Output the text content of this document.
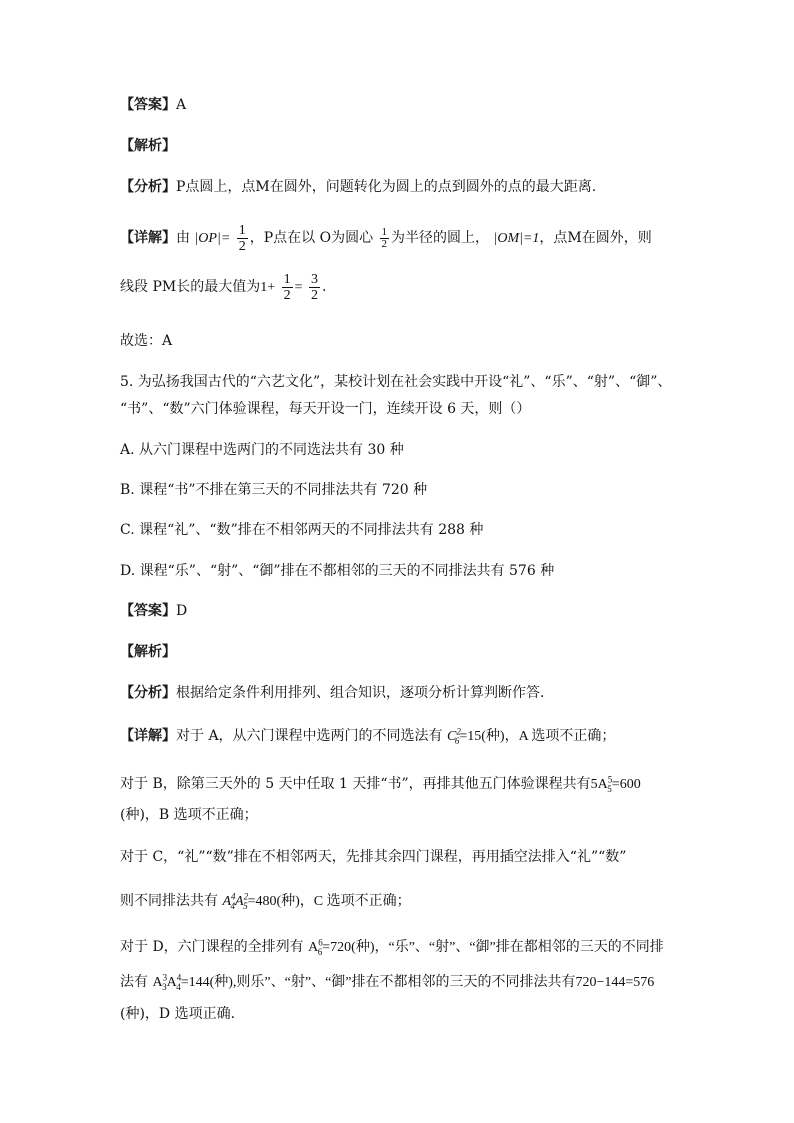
【答案】A
【解析】
【分析】P点圆上，点M在圆外，问题转化为圆上的点到圆外的点的最大距离.
【详解】由 $|OP|= \frac{1}{2}$ ，P点在以 O为圆心 $\frac{1}{2}$ 为半径的圆上， |OM|=1，点M在圆外，则
线段 PM长的最大值为$1+ \frac{1}{2} = \frac{3}{2}$ .
故选：A
5. 为弘扬我国古代的“六艺文化”，某校计划在社会实践中开设“礼”、“乐”、“射”、“御”、
“书”、“数”六门体验课程，每天开设一门，连续开设 6 天，则（）
A. 从六门课程中选两门的不同选法共有 30 种
B. 课程“书”不排在第三天的不同排法共有 720 种
C. 课程“礼”、“数”排在不相邻两天的不同排法共有 288 种
D. 课程“乐”、“射”、“御”排在不都相邻的三天的不同排法共有 576 种
【答案】D
【解析】
【分析】根据给定条件利用排列、组合知识，逐项分析计算判断作答．
【详解】对于 A，从六门课程中选两门的不同选法有 $C^2_6=15$(种)，A 选项不正确；
对于 B，除第三天外的 5 天中任取 1 天排“书”，再排其他五门体验课程共有$5A^5_5=600$
(种)，B 选项不正确；
对于 C，“礼”“数”排在不相邻两天，先排其余四门课程，再用插空法排入“礼”“数”
则不同排法共有 $A^4_4A^2_5=480$(种)，C 选项不正确；
对于 D，六门课程的全排列有 $A^6_6=720$(种)，“乐”、“射”、“御”排在都相邻的三天的不同排
法有 $A^3_3A^4_4=144$(种),则乐”、“射”、“御”排在不都相邻的三天的不同排法共有720−144=576
(种)，D 选项正确.
